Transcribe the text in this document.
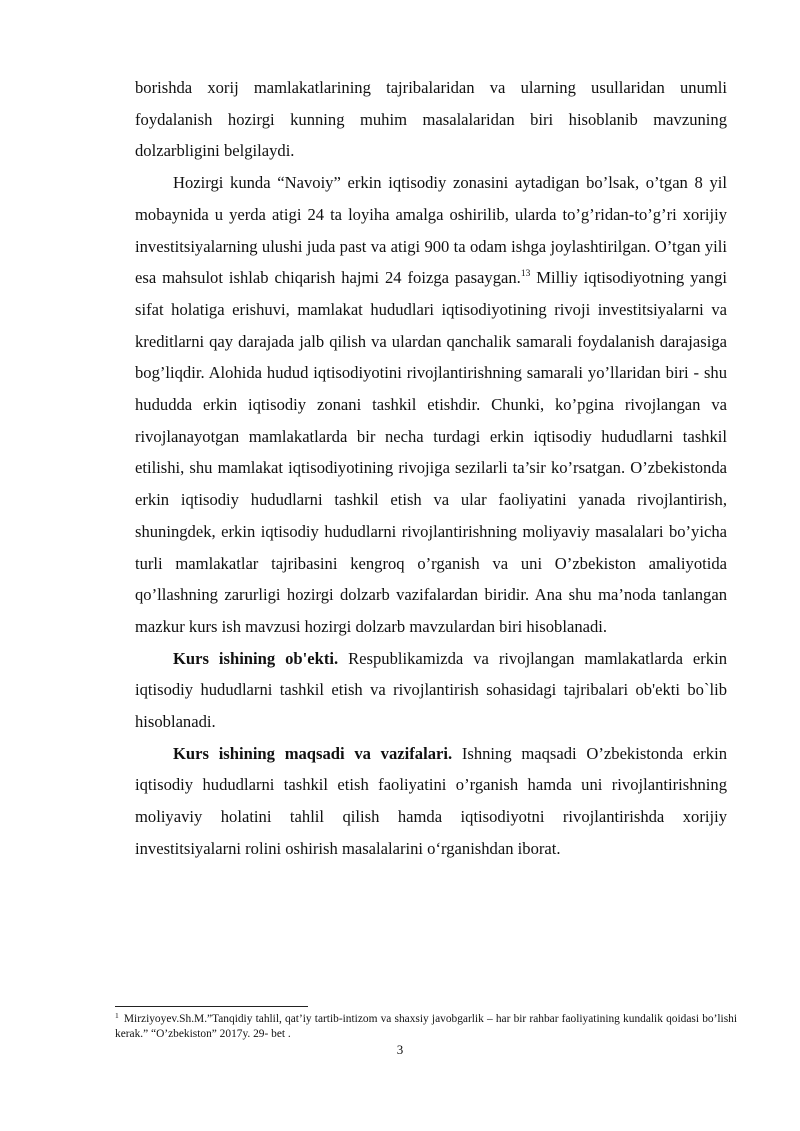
borishda xorij mamlakatlarining tajribalaridan va ularning usullaridan unumli foydalanish hozirgi kunning muhim masalalaridan biri hisoblanib mavzuning dolzarbligini belgilaydi.

Hozirgi kunda “Navoiy” erkin iqtisodiy zonasini aytadigan bo’lsak, o’tgan 8 yil mobaynida u yerda atigi 24 ta loyiha amalga oshirilib, ularda to’g’ridan-to’g’ri xorijiy investitsiyalarning ulushi juda past va atigi 900 ta odam ishga joylashtirilgan. O’tgan yili esa mahsulot ishlab chiqarish hajmi 24 foizga pasaygan.$^{13}$ Milliy iqtisodiyotning yangi sifat holatiga erishuvi, mamlakat hududlari iqtisodiyotining rivoji investitsiyalarni va kreditlarni qay darajada jalb qilish va ulardan qanchalik samarali foydalanish darajasiga bog’liqdir. Alohida hudud iqtisodiyotini rivojlantirishning samarali yo’llaridan biri - shu hududda erkin iqtisodiy zonani tashkil etishdir. Chunki, ko’pgina rivojlangan va rivojlanayotgan mamlakatlarda bir necha turdagi erkin iqtisodiy hududlarni tashkil etilishi, shu mamlakat iqtisodiyotining rivojiga sezilarli ta’sir ko’rsatgan. O’zbekistonda erkin iqtisodiy hududlarni tashkil etish va ular faoliyatini yanada rivojlantirish, shuningdek, erkin iqtisodiy hududlarni rivojlantirishning moliyaviy masalalari bo’yicha turli mamlakatlar tajribasini kengroq o’rganish va uni O’zbekiston amaliyotida qo’llashning zarurligi hozirgi dolzarb vazifalardan biridir. Ana shu ma’noda tanlangan mazkur kurs ish mavzusi hozirgi dolzarb mavzulardan biri hisoblanadi.

Kurs ishining ob'ekti. Respublikamizda va rivojlangan mamlakatlarda erkin iqtisodiy hududlarni tashkil etish va rivojlantirish sohasidagi tajribalari ob'ekti bo`lib hisoblanadi.

Kurs ishining maqsadi va vazifalari. Ishning maqsadi O’zbekistonda erkin iqtisodiy hududlarni tashkil etish faoliyatini o’rganish hamda uni rivojlantirishning moliyaviy holatini tahlil qilish hamda iqtisodiyotni rivojlantirishda xorijiy investitsiyalarni rolini oshirish masalalarini o‘rganishdan iborat.

$^1$ Mirziyoyev.Sh.M.”Tanqidiy tahlil, qat’iy tartib-intizom va shaxsiy javobgarlik – har bir rahbar faoliyatining kundalik qoidasi bo’lishi kerak.” “O’zbekiston” 2017y. 29- bet .
3
